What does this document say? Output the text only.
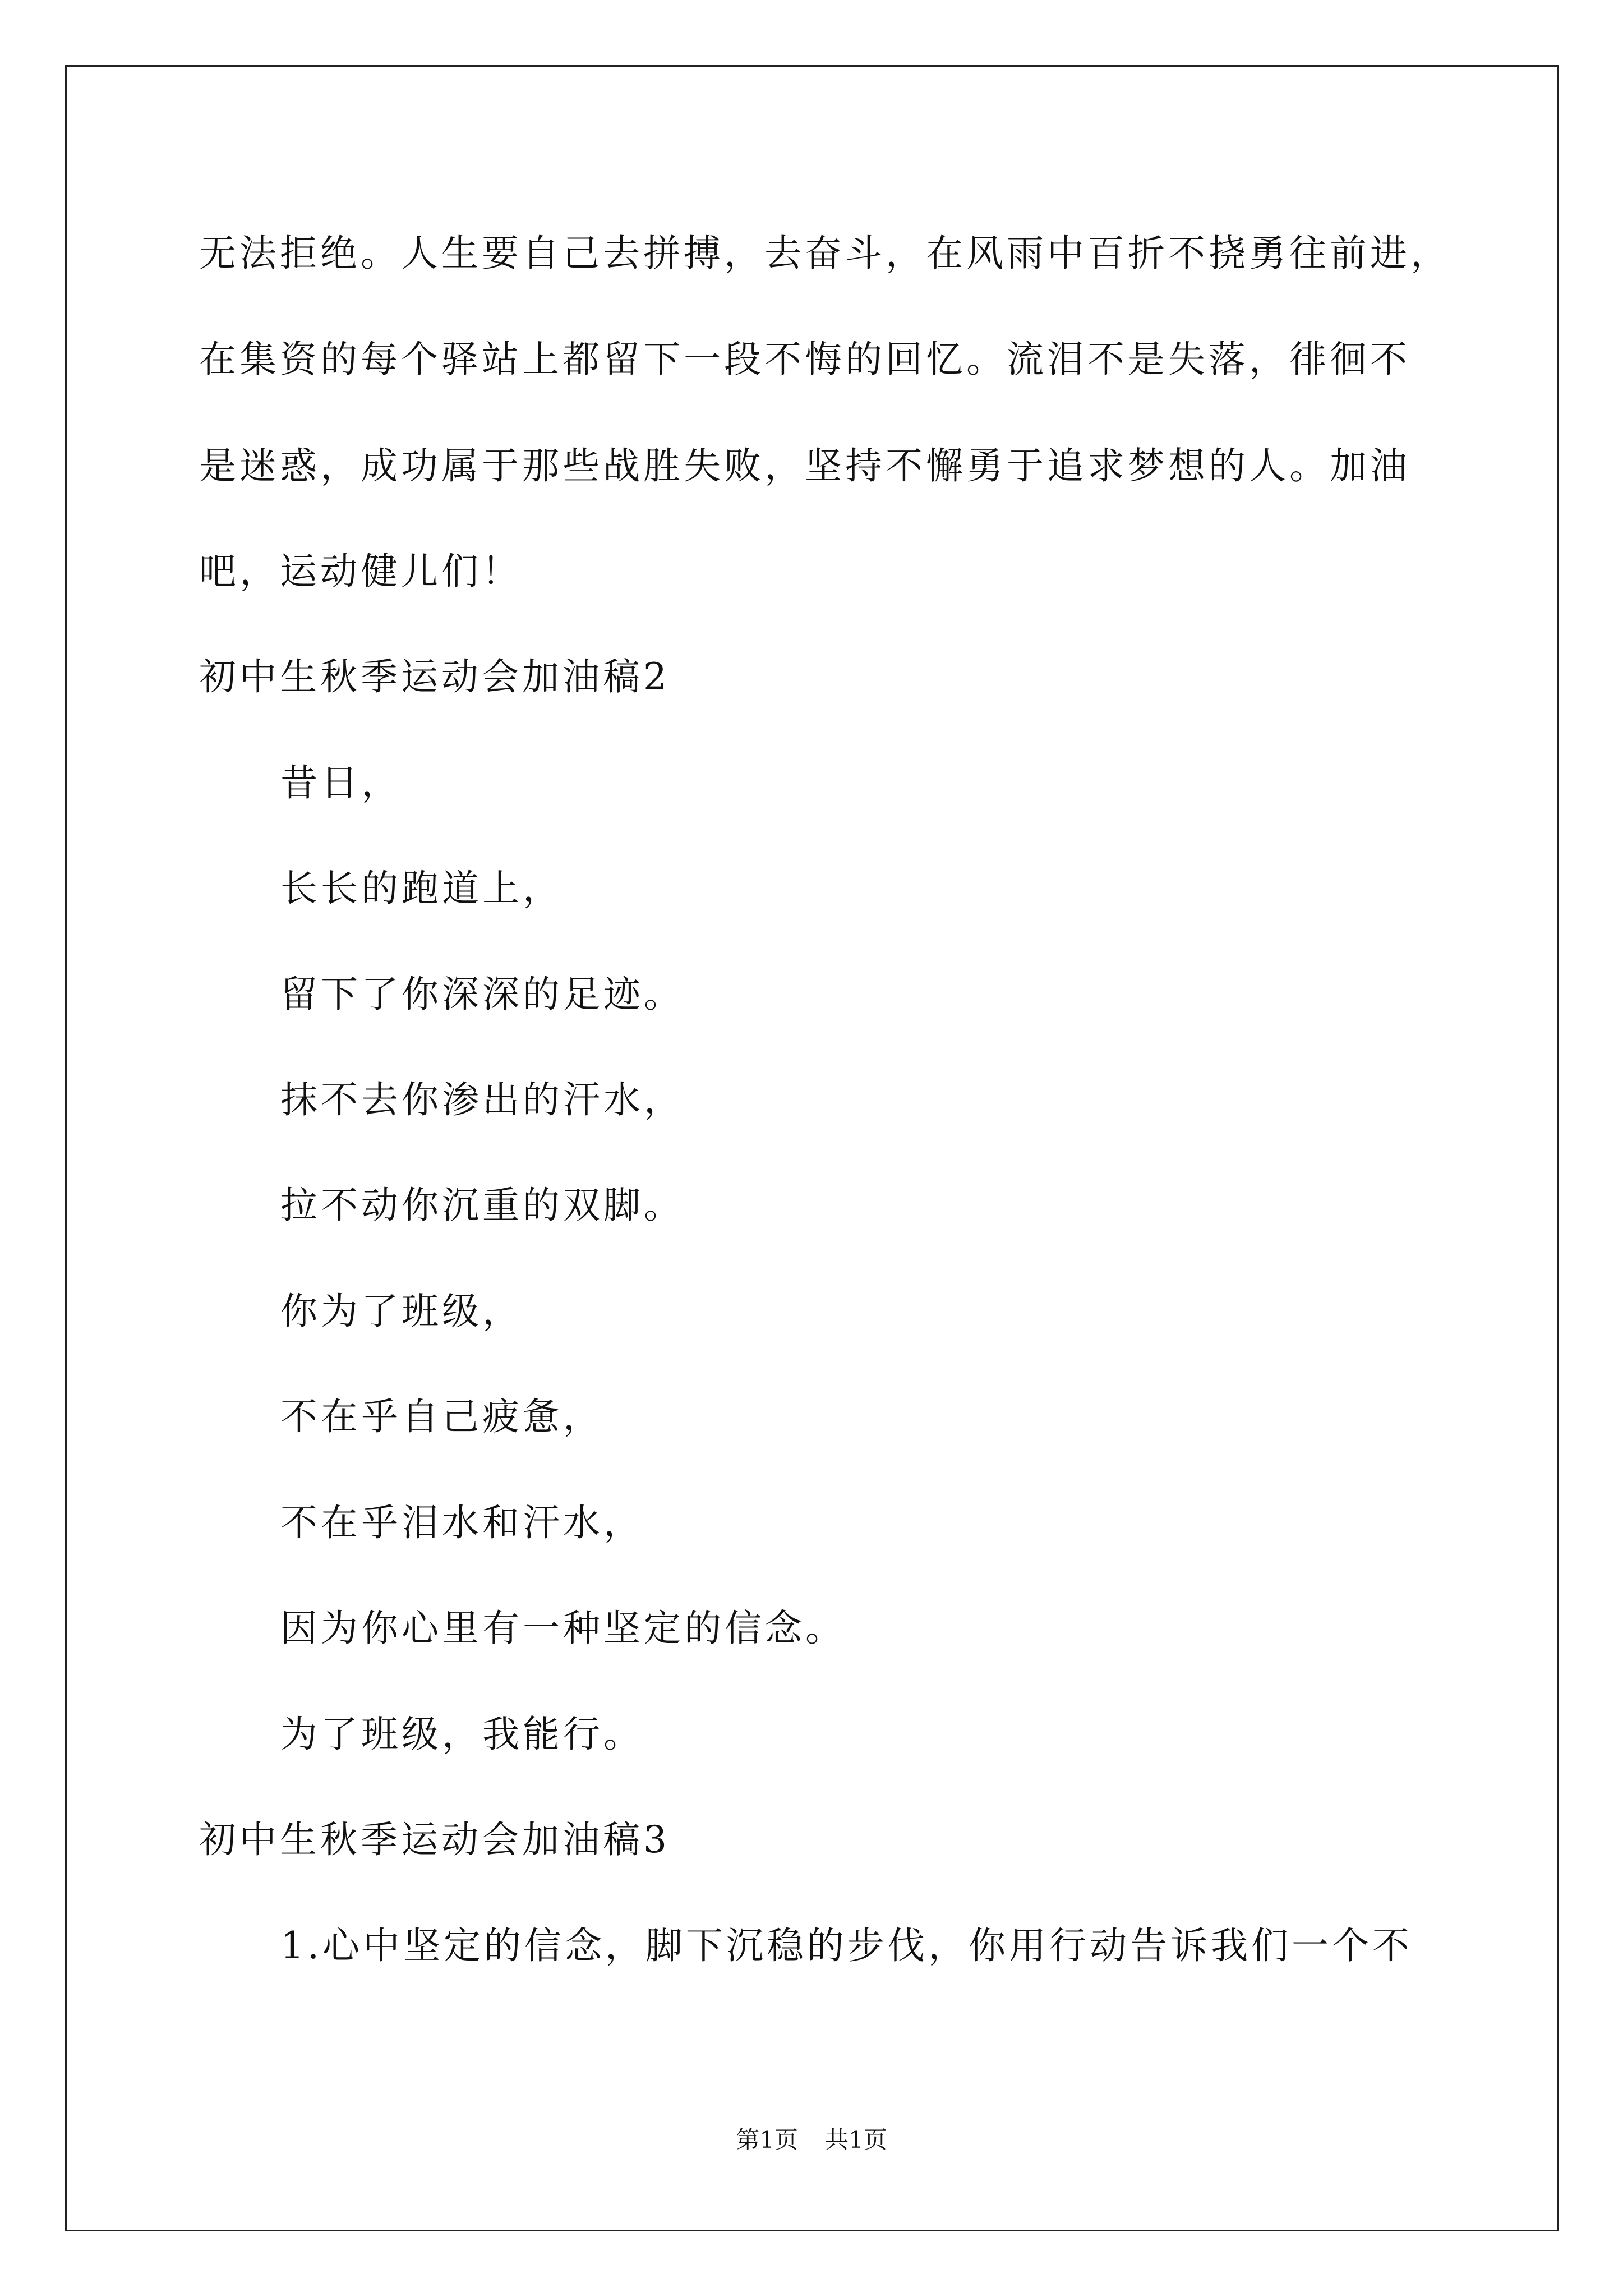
无法拒绝。人生要自己去拼搏，去奋斗，在风雨中百折不挠勇往前进，
在集资的每个驿站上都留下一段不悔的回忆。流泪不是失落，徘徊不
是迷惑，成功属于那些战胜失败，坚持不懈勇于追求梦想的人。加油
吧，运动健儿们！
初中生秋季运动会加油稿2
昔日，
长长的跑道上，
留下了你深深的足迹。
抹不去你渗出的汗水，
拉不动你沉重的双脚。
你为了班级，
不在乎自己疲惫，
不在乎泪水和汗水，
因为你心里有一种坚定的信念。
为了班级，我能行。
初中生秋季运动会加油稿3
1.心中坚定的信念，脚下沉稳的步伐，你用行动告诉我们一个不
第1页 共1页
